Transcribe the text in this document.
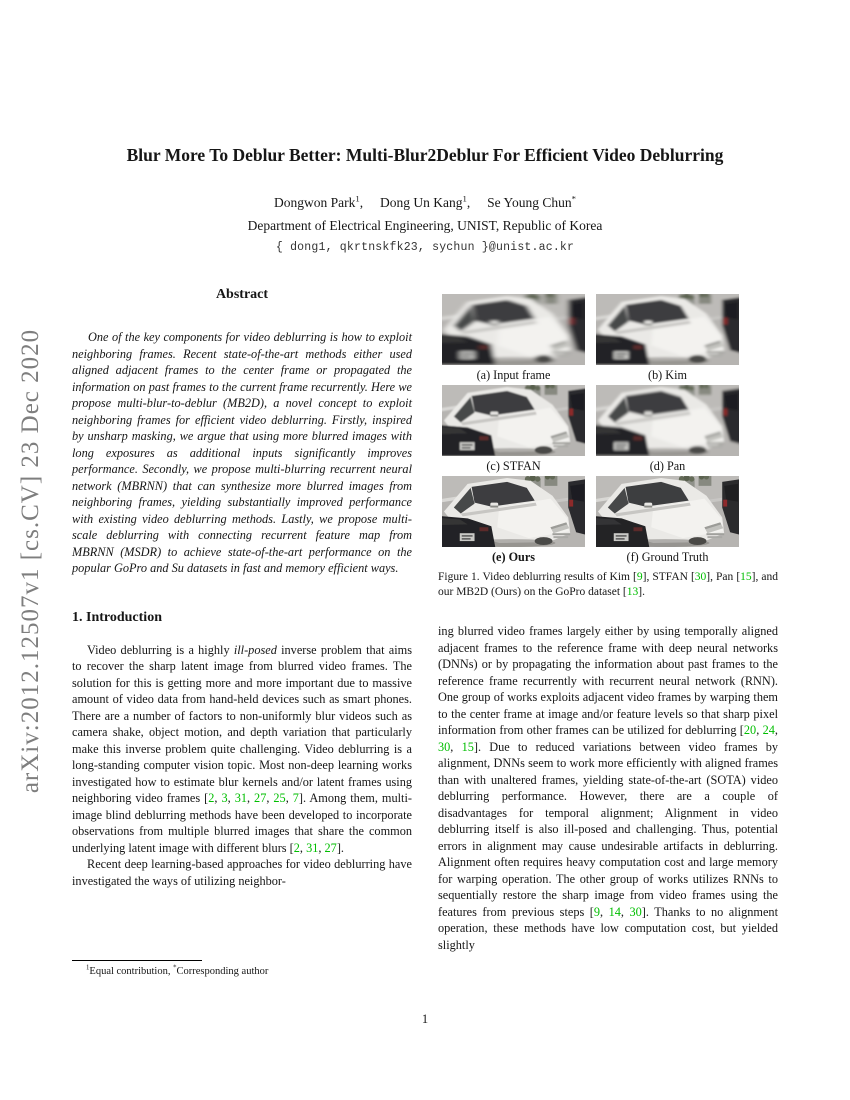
arXiv:2012.12507v1 [cs.CV] 23 Dec 2020
Blur More To Deblur Better: Multi-Blur2Deblur For Efficient Video Deblurring
Dongwon Park$^1$,  Dong Un Kang$^1$,  Se Young Chun*
Department of Electrical Engineering, UNIST, Republic of Korea
{ dong1, qkrtnskfk23, sychun }@unist.ac.kr
Abstract

One of the key components for video deblurring is how to exploit neighboring frames. Recent state-of-the-art methods either used aligned adjacent frames to the center frame or propagated the information on past frames to the current frame recurrently. Here we propose multi-blur-to-deblur (MB2D), a novel concept to exploit neighboring frames for efficient video deblurring. Firstly, inspired by unsharp masking, we argue that using more blurred images with long exposures as additional inputs significantly improves performance. Secondly, we propose multi-blurring recurrent neural network (MBRNN) that can synthesize more blurred images from neighboring frames, yielding substantially improved performance with existing video deblurring methods. Lastly, we propose multi-scale deblurring with connecting recurrent feature map from MBRNN (MSDR) to achieve state-of-the-art performance on the popular GoPro and Su datasets in fast and memory efficient ways.

1. Introduction

Video deblurring is a highly ill-posed inverse problem that aims to recover the sharp latent image from blurred video frames. The solution for this is getting more and more important due to massive amount of video data from hand-held devices such as smart phones. There are a number of factors to non-uniformly blur videos such as camera shake, object motion, and depth variation that particularly make this inverse problem quite challenging. Video deblurring is a long-standing computer vision topic. Most non-deep learning works investigated how to estimate blur kernels and/or latent frames using neighboring video frames [2, 3, 31, 27, 25, 7]. Among them, multi-image blind deblurring methods have been developed to incorporate observations from multiple blurred images that share the common underlying latent image with different blurs [2, 31, 27].

Recent deep learning-based approaches for video deblurring have investigated the ways of utilizing neighbor-

$^1$Equal contribution, *Corresponding author
(a) Input frame	(b) Kim
(c) STFAN	(d) Pan
(e) Ours	(f) Ground Truth
Figure 1. Video deblurring results of Kim [9], STFAN [30], Pan [15], and our MB2D (Ours) on the GoPro dataset [13].

ing blurred video frames largely either by using temporally aligned adjacent frames to the reference frame with deep neural networks (DNNs) or by propagating the information about past frames to the reference frame recurrently with recurrent neural network (RNN). One group of works exploits adjacent video frames by warping them to the center frame at image and/or feature levels so that sharp pixel information from other frames can be utilized for deblurring [20, 24, 30, 15]. Due to reduced variations between video frames by alignment, DNNs seem to work more efficiently with aligned frames than with unaltered frames, yielding state-of-the-art (SOTA) video deblurring performance. However, there are a couple of disadvantages for temporal alignment; Alignment in video deblurring itself is also ill-posed and challenging. Thus, potential errors in alignment may cause undesirable artifacts in deblurring. Alignment often requires heavy computation cost and large memory for warping operation. The other group of works utilizes RNNs to sequentially restore the sharp image from video frames using the features from previous steps [9, 14, 30]. Thanks to no alignment operation, these methods have low computation cost, but yielded slightly

1
